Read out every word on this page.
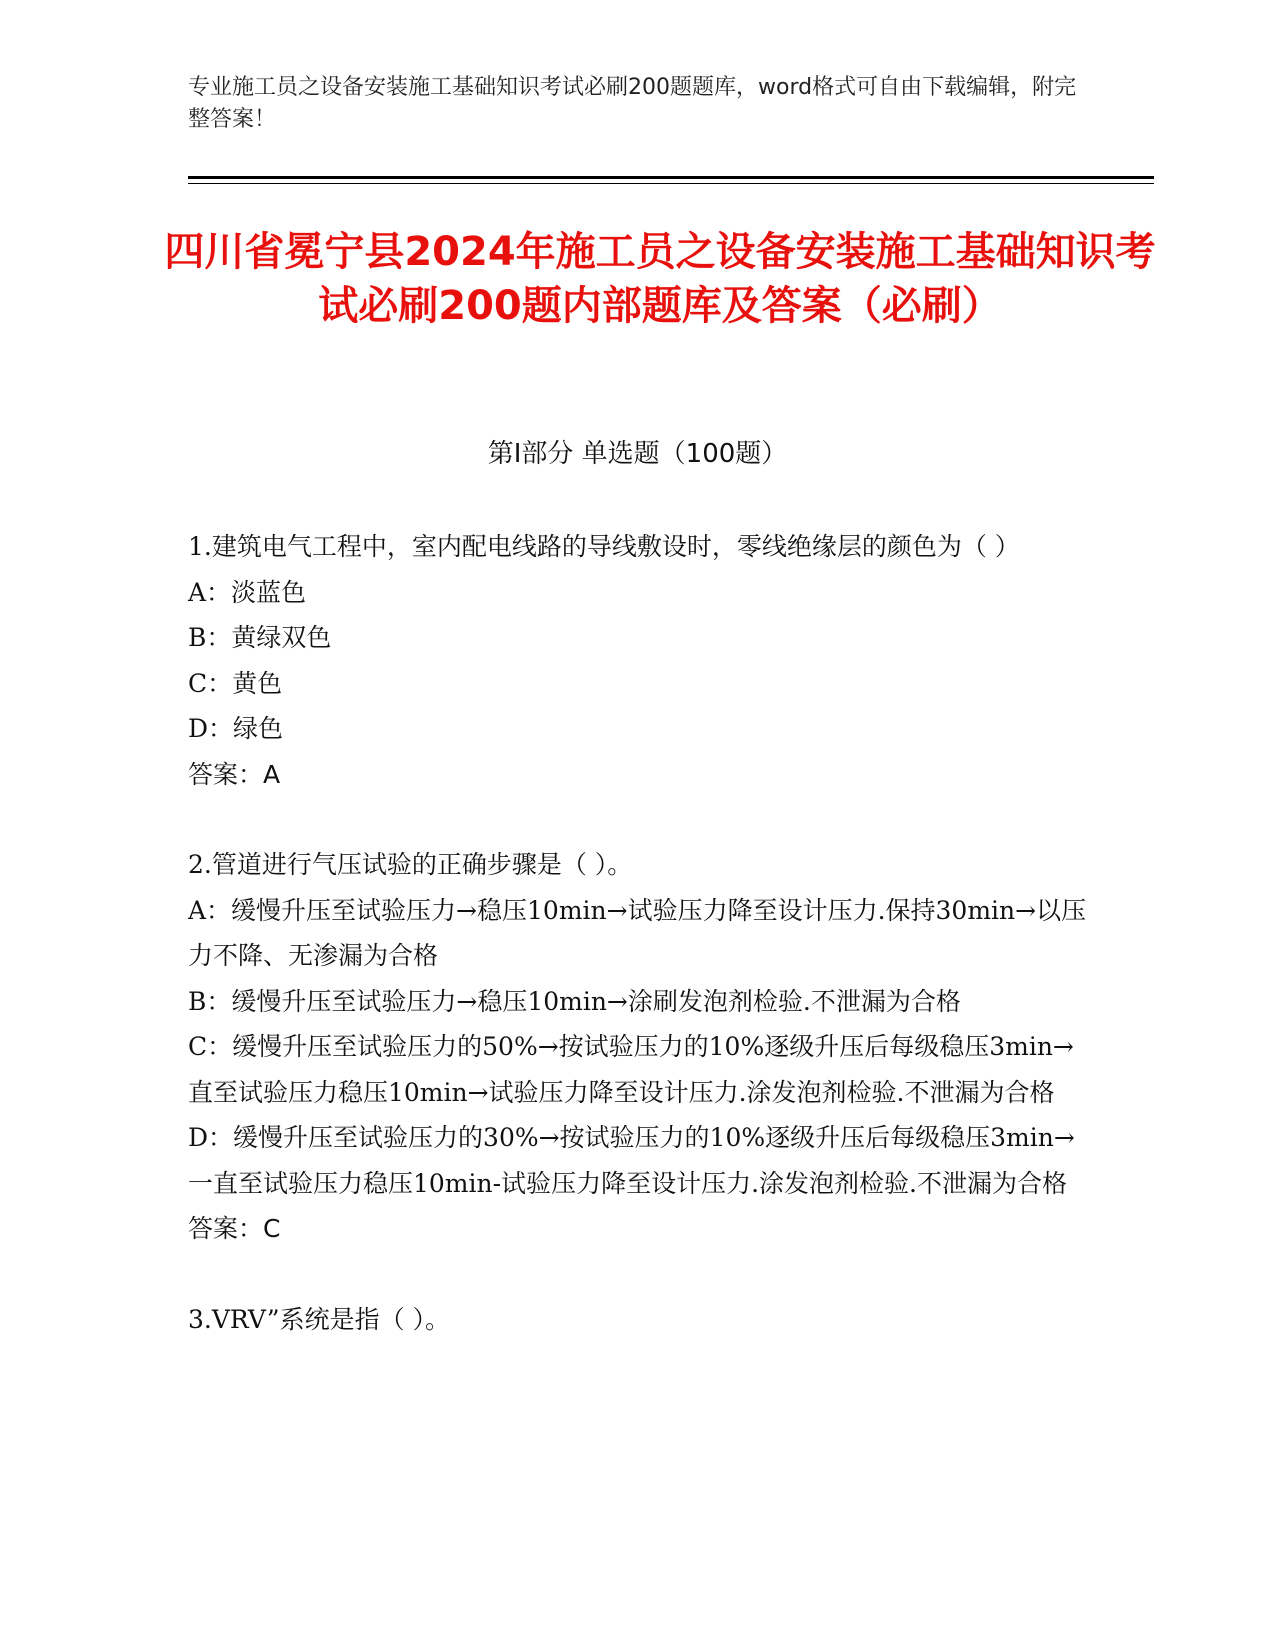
专业施工员之设备安装施工基础知识考试必刷200题题库，word格式可自由下载编辑，附完整答案！
四川省冕宁县2024年施工员之设备安装施工基础知识考试必刷200题内部题库及答案（必刷）
第I部分 单选题（100题）

1.建筑电气工程中，室内配电线路的导线敷设时，零线绝缘层的颜色为（ ）

A：淡蓝色

B：黄绿双色

C：黄色

D：绿色

答案：A

2.管道进行气压试验的正确步骤是（ ）。

A：缓慢升压至试验压力→稳压10min→试验压力降至设计压力.保持30min→以压力不降、无渗漏为合格

B：缓慢升压至试验压力→稳压10min→涂刷发泡剂检验.不泄漏为合格

C：缓慢升压至试验压力的50%→按试验压力的10%逐级升压后每级稳压3min→直至试验压力稳压10min→试验压力降至设计压力.涂发泡剂检验.不泄漏为合格

D：缓慢升压至试验压力的30%→按试验压力的10%逐级升压后每级稳压3min→一直至试验压力稳压10min-试验压力降至设计压力.涂发泡剂检验.不泄漏为合格

答案：C

3.VRV”系统是指（ ）。
